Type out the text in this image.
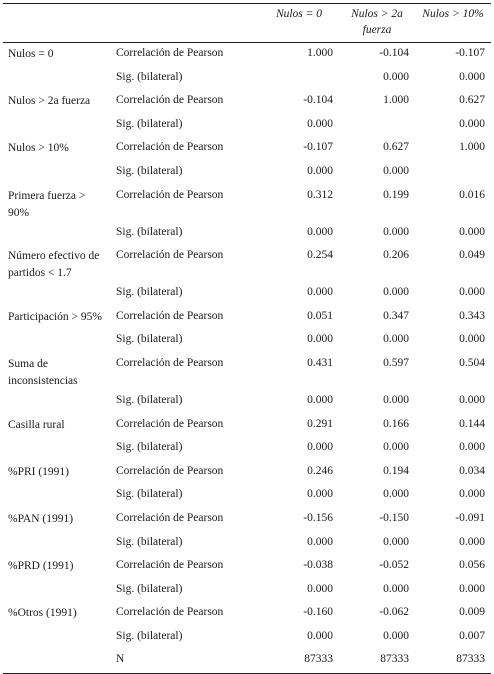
		Nulos = 0	Nulos > 2a fuerza	Nulos > 10%
Nulos = 0	Correlación de Pearson	1.000	-0.104	-0.107
	Sig. (bilateral)		0.000	0.000
Nulos > 2a fuerza	Correlación de Pearson	-0.104	1.000	0.627
	Sig. (bilateral)	0.000		0.000
Nulos > 10%	Correlación de Pearson	-0.107	0.627	1.000
	Sig. (bilateral)	0.000	0.000	
Primera fuerza > 90%	Correlación de Pearson	0.312	0.199	0.016
	Sig. (bilateral)	0.000	0.000	0.000
Número efectivo de partidos < 1.7	Correlación de Pearson	0.254	0.206	0.049
	Sig. (bilateral)	0.000	0.000	0.000
Participación > 95%	Correlación de Pearson	0.051	0.347	0.343
	Sig. (bilateral)	0.000	0.000	0.000
Suma de inconsistencias	Correlación de Pearson	0.431	0.597	0.504
	Sig. (bilateral)	0.000	0.000	0.000
Casilla rural	Correlación de Pearson	0.291	0.166	0.144
	Sig. (bilateral)	0.000	0.000	0.000
%PRI (1991)	Correlación de Pearson	0.246	0.194	0.034
	Sig. (bilateral)	0.000	0.000	0.000
%PAN (1991)	Correlación de Pearson	-0.156	-0.150	-0.091
	Sig. (bilateral)	0.000	0.000	0.000
%PRD (1991)	Correlación de Pearson	-0.038	-0.052	0.056
	Sig. (bilateral)	0.000	0.000	0.000
%Otros (1991)	Correlación de Pearson	-0.160	-0.062	0.009
	Sig. (bilateral)	0.000	0.000	0.007
	N	87333	87333	87333
